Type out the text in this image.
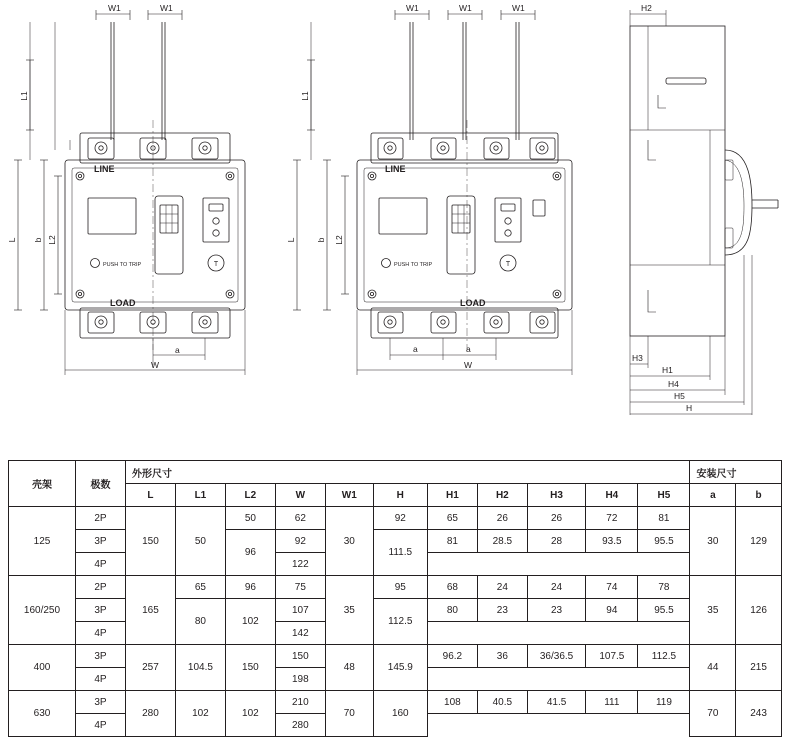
W1	W1
L b L2
L1
a
W
LINE
LOAD
PUSH TO TRIP	T
W1	W1	W1
L b L2
L1
a	a
W
LINE
LOAD
PUSH TO TRIP	T
H2
H3
H1
H4
H5
H
壳架	极数	外形尺寸											安装尺寸	
		L	L1	L2	W	W1	H	H1	H2	H3	H4	H5	a	b
125	2P	150	50	50	62	30	92	65	26	26	72	81	30	129
	3P			96	92		111.5	81	28.5	28	93.5	95.5		
	4P				122									
160/250	2P	165	65	96	75	35	95	68	24	24	74	78	35	126
	3P		80	102	107		112.5	80	23	23	94	95.5		
	4P				142									
400	3P	257	104.5	150	150	48	145.9	96.2	36	36/36.5	107.5	112.5	44	215
	4P				198									
630	3P	280	102	102	210	70	160	108	40.5	41.5	111	119	70	243
	4P				280									
